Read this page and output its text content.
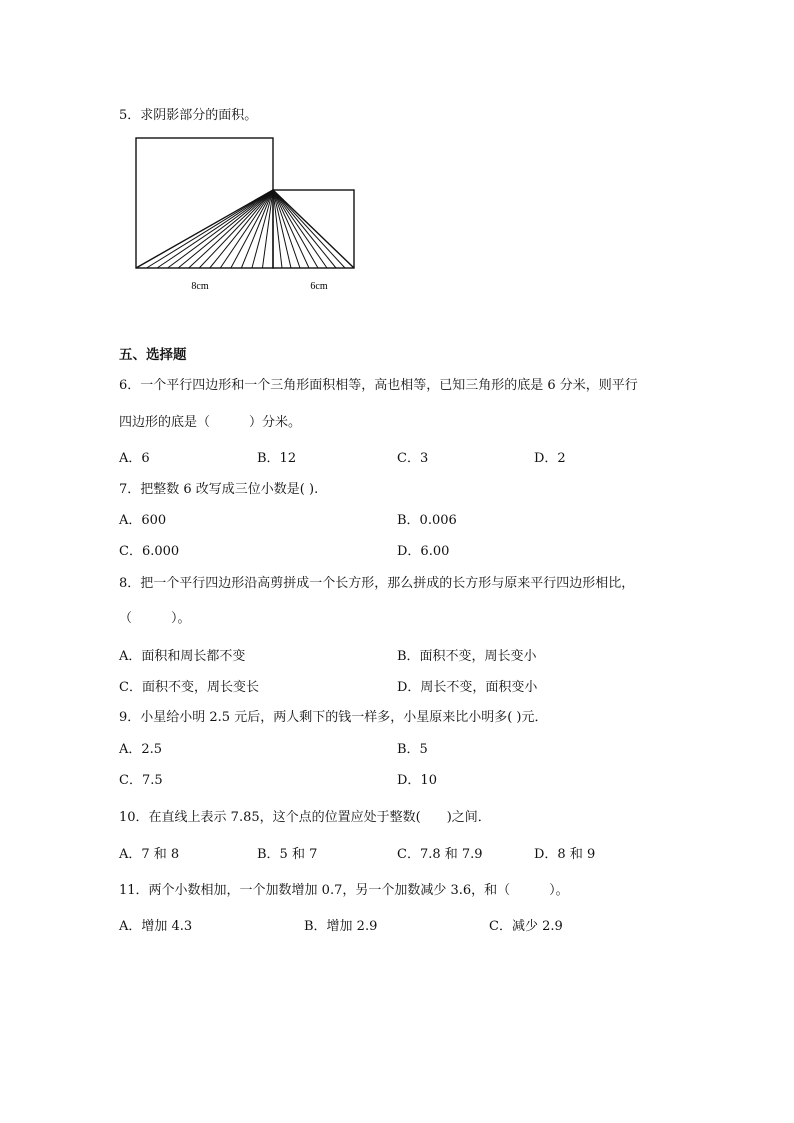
5．求阴影部分的面积。
8cm	6cm
五、选择题
6．一个平行四边形和一个三角形面积相等，高也相等，已知三角形的底是 6 分米，则平行
四边形的底是（　　　）分米。
A．6	B．12	C．3	D．2
7．把整数 6 改写成三位小数是( ).
A．600	B．0.006
C．6.000	D．6.00
8．把一个平行四边形沿高剪拼成一个长方形，那么拼成的长方形与原来平行四边形相比，
（　　　）。
A．面积和周长都不变	B．面积不变，周长变小
C．面积不变，周长变长	D．周长不变，面积变小
9．小星给小明 2.5 元后，两人剩下的钱一样多，小星原来比小明多( )元．
A．2.5	B．5
C．7.5	D．10
10．在直线上表示 7.85，这个点的位置应处于整数(　　)之间．
A．7 和 8	B．5 和 7	C．7.8 和 7.9	D．8 和 9
11．两个小数相加，一个加数增加 0.7，另一个加数减少 3.6，和（　　　）。
A．增加 4.3	B．增加 2.9	C．减少 2.9
